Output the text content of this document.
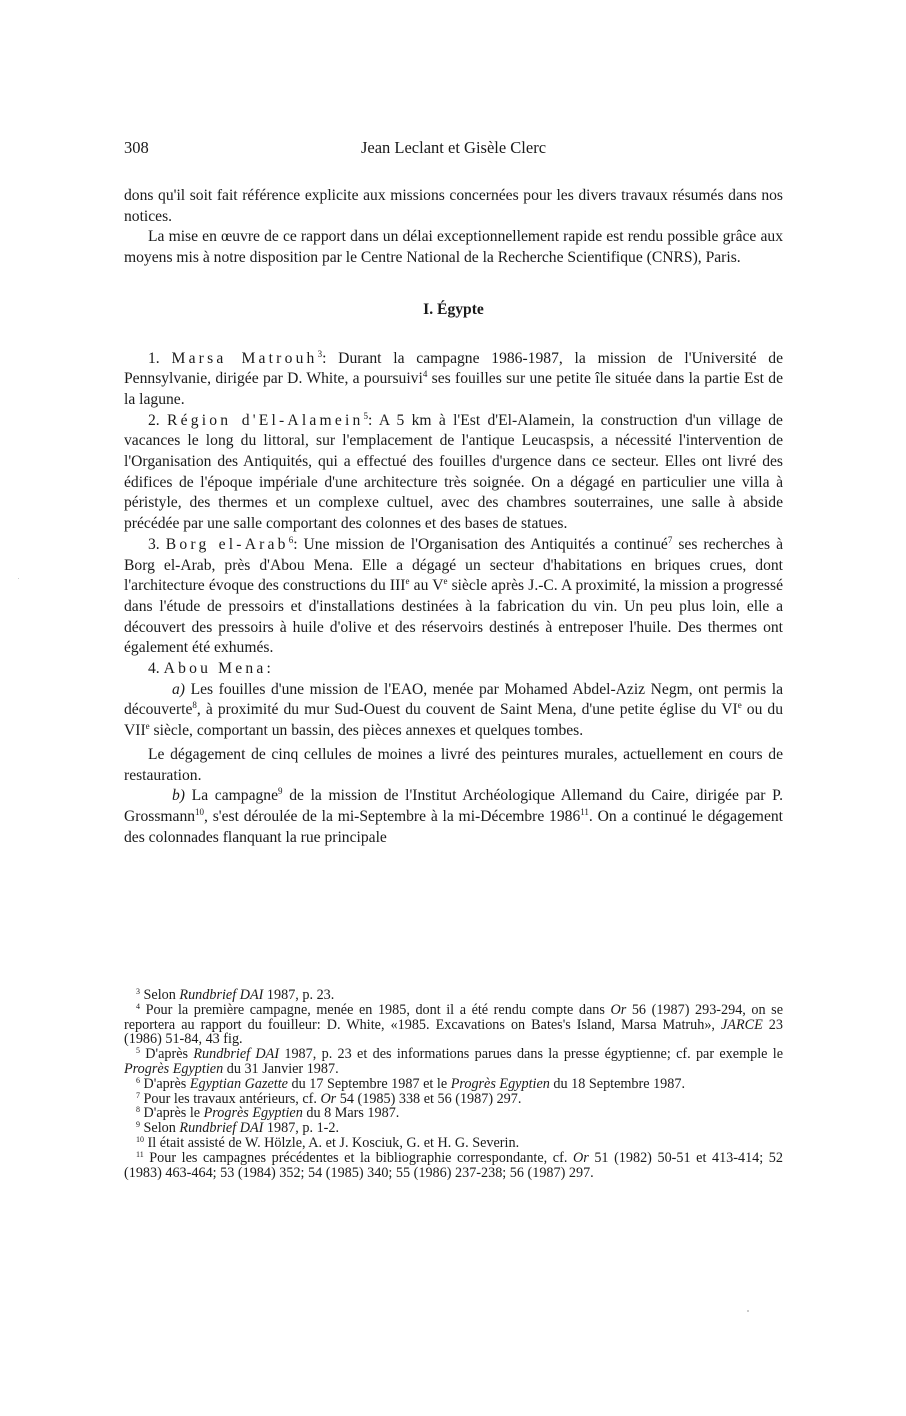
308	Jean Leclant et Gisèle Clerc

dons qu'il soit fait référence explicite aux missions concernées pour les divers travaux résumés dans nos notices.

La mise en œuvre de ce rapport dans un délai exceptionnellement rapide est rendu possible grâce aux moyens mis à notre disposition par le Centre National de la Recherche Scientifique (CNRS), Paris.

I. Égypte

1. Marsa Matrouh$^3$: Durant la campagne 1986-1987, la mission de l'Université de Pennsylvanie, dirigée par D. White, a poursuivi$^4$ ses fouilles sur une petite île située dans la partie Est de la lagune.

2. Région d'El-Alamein$^5$: A 5 km à l'Est d'El-Alamein, la construction d'un village de vacances le long du littoral, sur l'emplacement de l'antique Leucaspsis, a nécessité l'intervention de l'Organisation des Antiquités, qui a effectué des fouilles d'urgence dans ce secteur. Elles ont livré des édifices de l'époque impériale d'une architecture très soignée. On a dégagé en particulier une villa à péristyle, des thermes et un complexe cultuel, avec des chambres souterraines, une salle à abside précédée par une salle comportant des colonnes et des bases de statues.

3. Borg el-Arab$^6$: Une mission de l'Organisation des Antiquités a continué$^7$ ses recherches à Borg el-Arab, près d'Abou Mena. Elle a dégagé un secteur d'habitations en briques crues, dont l'architecture évoque des constructions du IIIe au Ve siècle après J.-C. A proximité, la mission a progressé dans l'étude de pressoirs et d'installations destinées à la fabrication du vin. Un peu plus loin, elle a découvert des pressoirs à huile d'olive et des réservoirs destinés à entreposer l'huile. Des thermes ont également été exhumés.

4. Abou Mena:

a) Les fouilles d'une mission de l'EAO, menée par Mohamed Abdel-Aziz Negm, ont permis la découverte$^8$, à proximité du mur Sud-Ouest du couvent de Saint Mena, d'une petite église du VIe ou du VIIe siècle, comportant un bassin, des pièces annexes et quelques tombes.

Le dégagement de cinq cellules de moines a livré des peintures murales, actuellement en cours de restauration.

b) La campagne$^9$ de la mission de l'Institut Archéologique Allemand du Caire, dirigée par P. Grossmann$^{10}$, s'est déroulée de la mi-Septembre à la mi-Décembre 1986$^{11}$. On a continué le dégagement des colonnades flanquant la rue principale

$^3$ Selon Rundbrief DAI 1987, p. 23.

$^4$ Pour la première campagne, menée en 1985, dont il a été rendu compte dans Or 56 (1987) 293-294, on se reportera au rapport du fouilleur: D. White, «1985. Excavations on Bates's Island, Marsa Matruh», JARCE 23 (1986) 51-84, 43 fig.

$^5$ D'après Rundbrief DAI 1987, p. 23 et des informations parues dans la presse égyptienne; cf. par exemple le Progrès Egyptien du 31 Janvier 1987.

$^6$ D'après Egyptian Gazette du 17 Septembre 1987 et le Progrès Egyptien du 18 Septembre 1987.

$^7$ Pour les travaux antérieurs, cf. Or 54 (1985) 338 et 56 (1987) 297.

$^8$ D'après le Progrès Egyptien du 8 Mars 1987.

$^9$ Selon Rundbrief DAI 1987, p. 1-2.

$^{10}$ Il était assisté de W. Hölzle, A. et J. Kosciuk, G. et H. G. Severin.

$^{11}$ Pour les campagnes précédentes et la bibliographie correspondante, cf. Or 51 (1982) 50-51 et 413-414; 52 (1983) 463-464; 53 (1984) 352; 54 (1985) 340; 55 (1986) 237-238; 56 (1987) 297.
